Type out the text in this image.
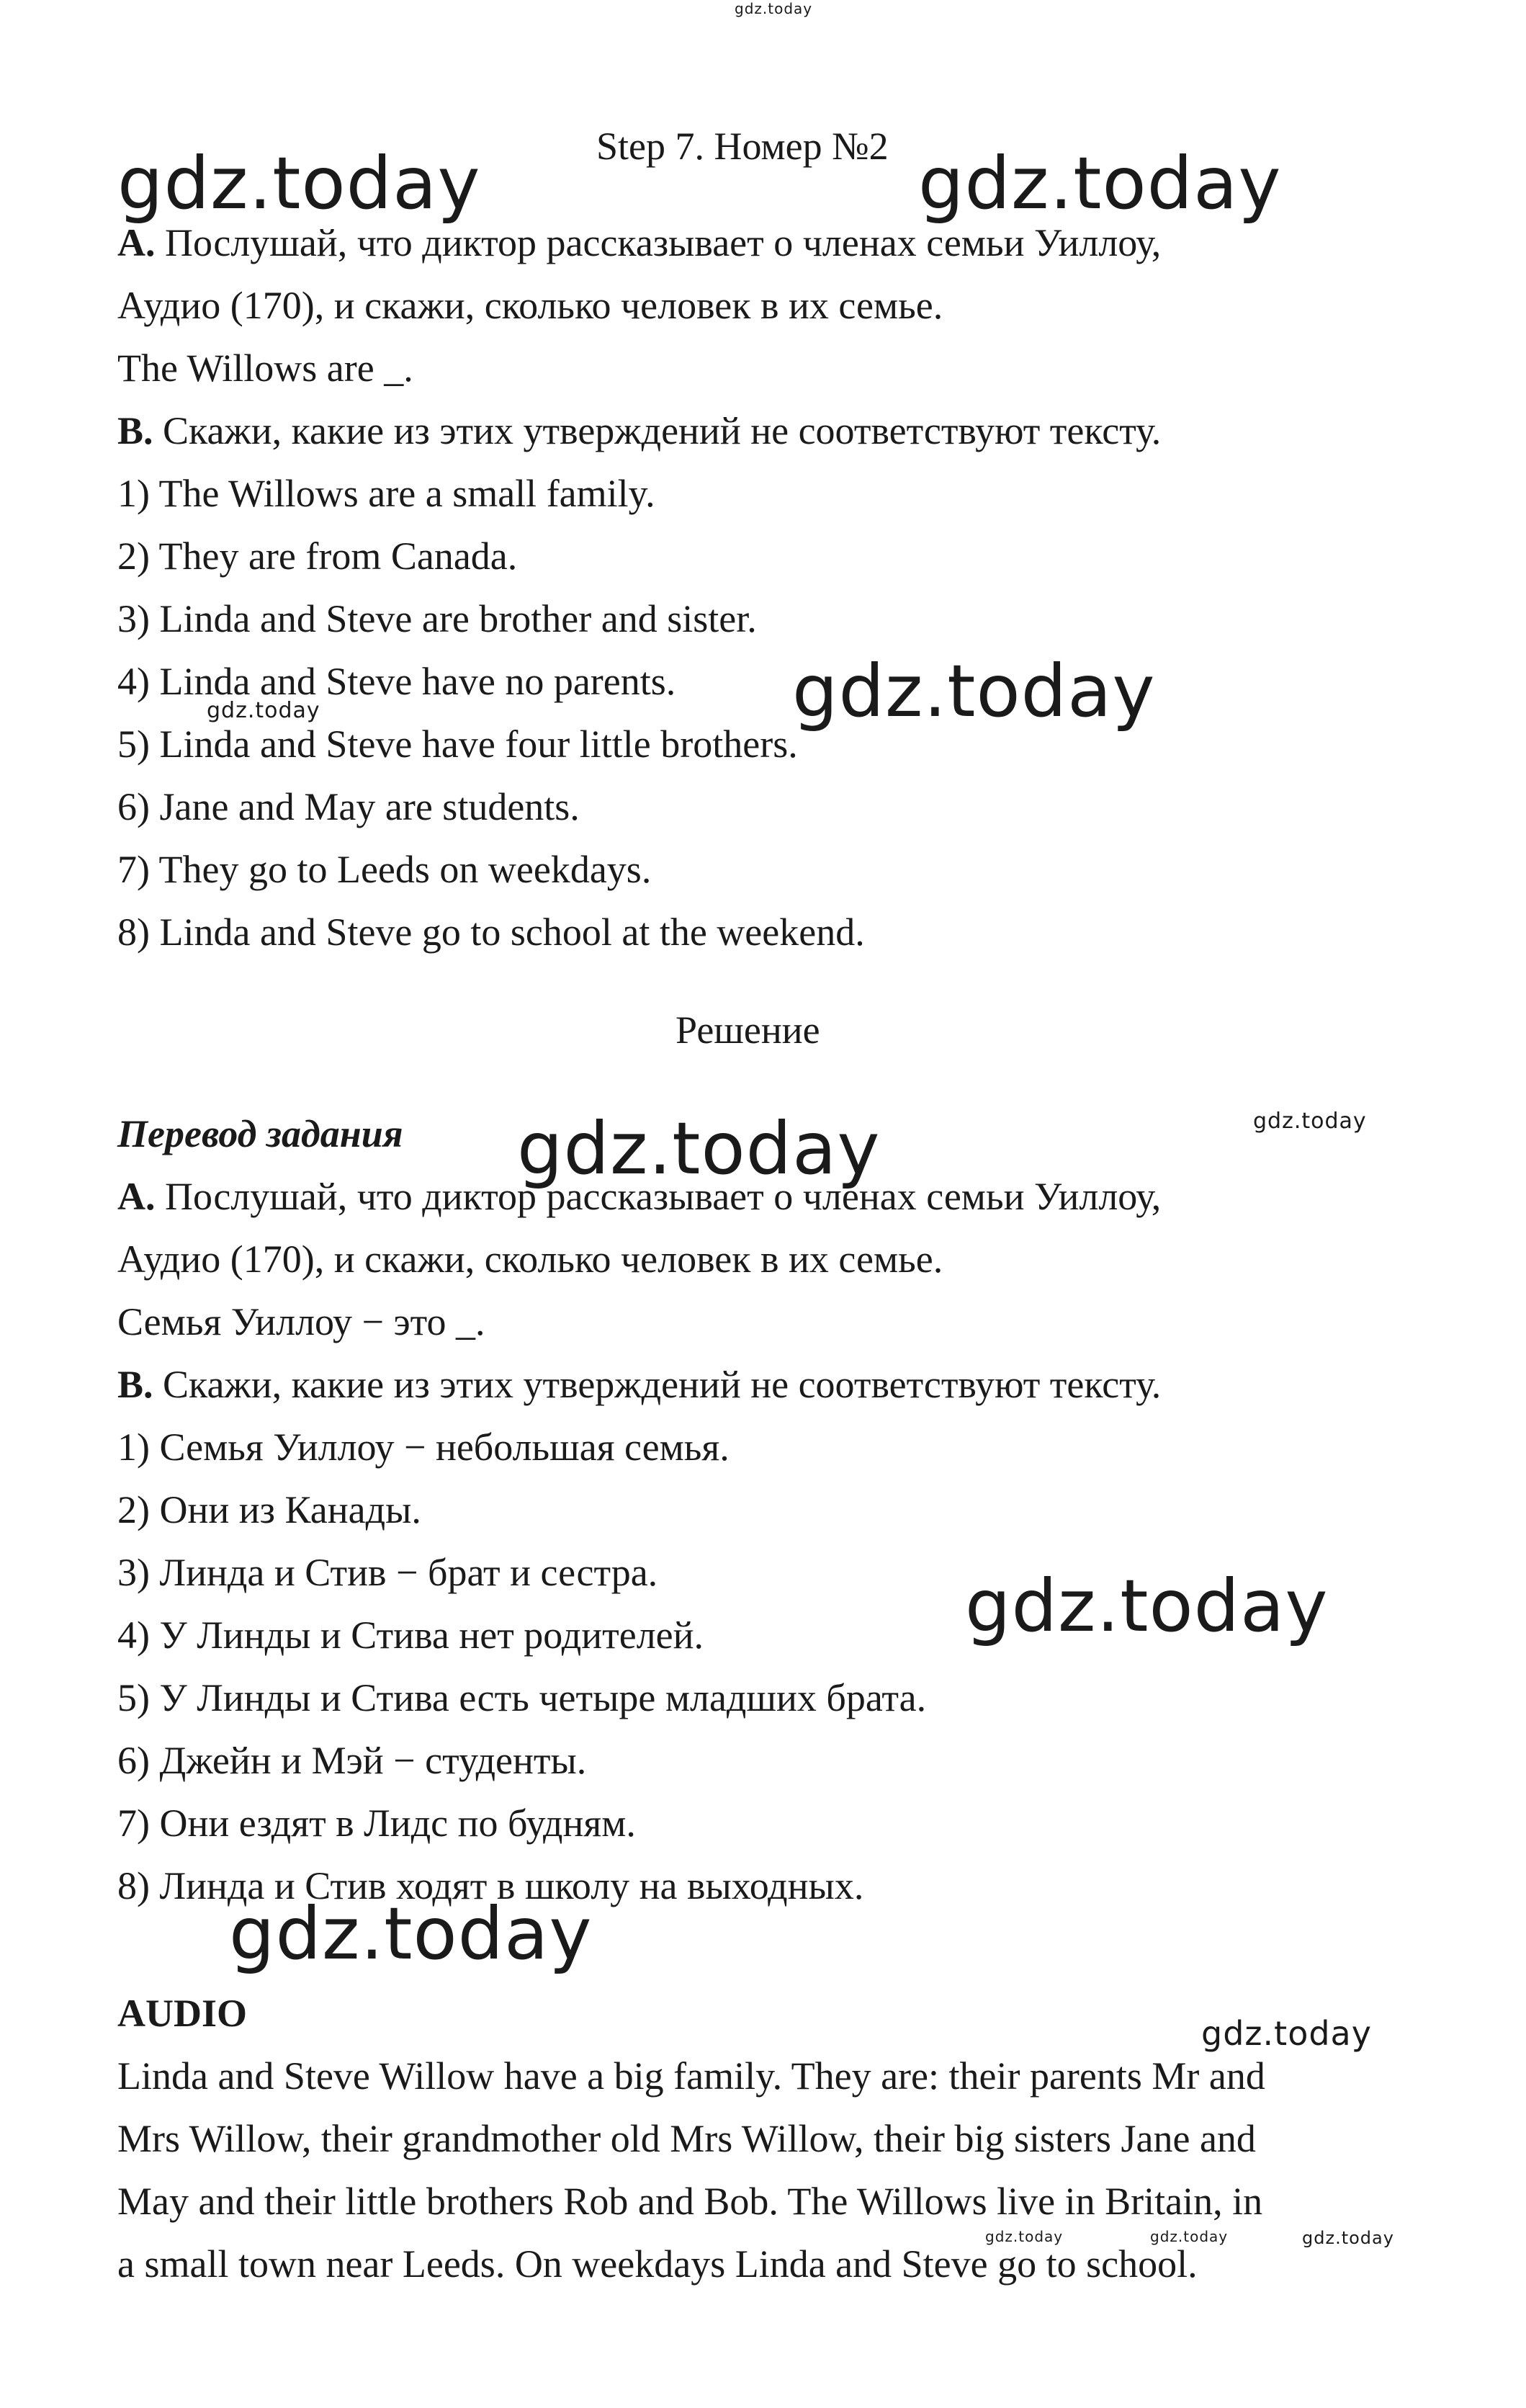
gdz.today
Step 7. Номер №2
gdz.today	gdz.today
A. Послушай, что диктор рассказывает о членах семьи Уиллоу,
Аудио (170), и скажи, сколько человек в их семье.
The Willows are _.
B. Скажи, какие из этих утверждений не соответствуют тексту.
1) The Willows are a small family.
2) They are from Canada.
3) Linda and Steve are brother and sister.
4) Linda and Steve have no parents.
5) Linda and Steve have four little brothers.
6) Jane and May are students.
7) They go to Leeds on weekdays.
8) Linda and Steve go to school at the weekend.
gdz.today
gdz.today
Решение
Перевод задания gdz.today	gdz.today
A. Послушай, что диктор рассказывает о членах семьи Уиллоу,
Аудио (170), и скажи, сколько человек в их семье.
Семья Уиллоу − это _.
B. Скажи, какие из этих утверждений не соответствуют тексту.
1) Семья Уиллоу − небольшая семья.
2) Они из Канады.
3) Линда и Стив − брат и сестра.
4) У Линды и Стива нет родителей.
5) У Линды и Стива есть четыре младших брата.
6) Джейн и Мэй − студенты.
7) Они ездят в Лидс по будням.
8) Линда и Стив ходят в школу на выходных.
gdz.today
gdz.today
AUDIO	gdz.today
Linda and Steve Willow have a big family. They are: their parents Mr and
Mrs Willow, their grandmother old Mrs Willow, their big sisters Jane and
May and their little brothers Rob and Bob. The Willows live in Britain, in
a small town near Leeds. On weekdays Linda and Steve go to school.
gdz.today	gdz.today	gdz.today
